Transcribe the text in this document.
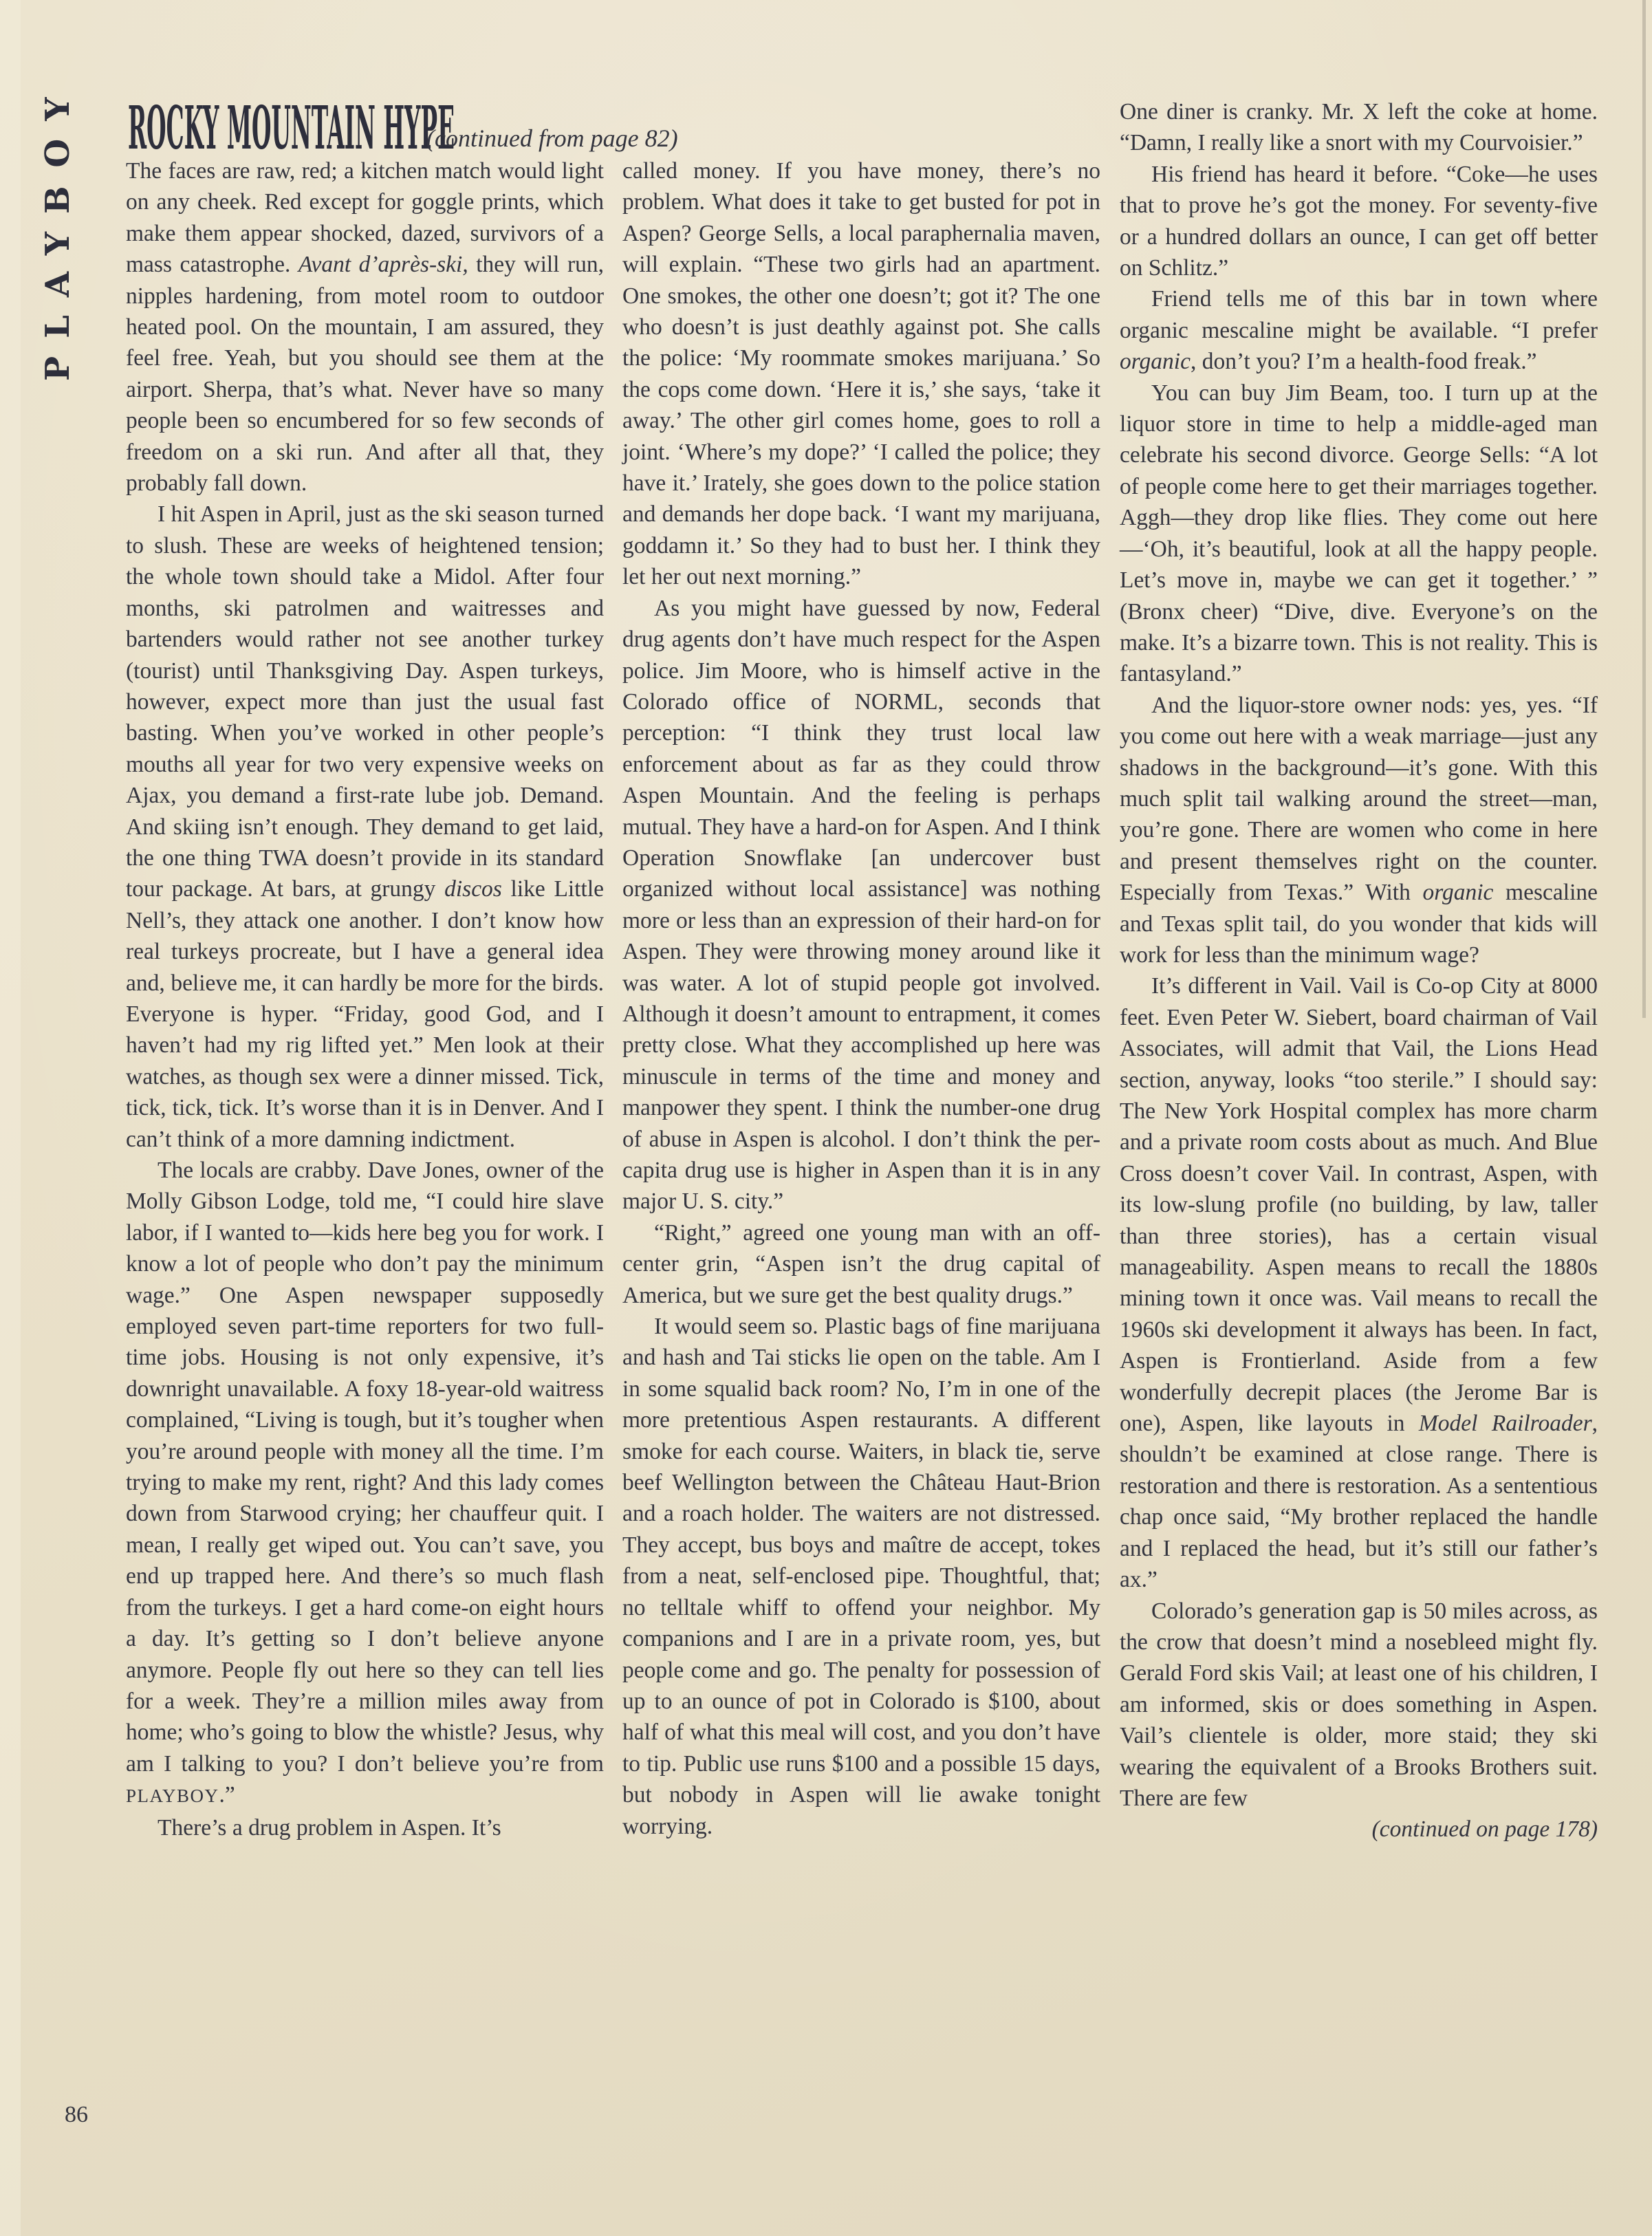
PLAYBOY ROCKY MOUNTAIN HYPE
(continued from page 82)

The faces are raw, red; a kitchen match would light on any cheek. Red except for goggle prints, which make them appear shocked, dazed, survivors of a mass catastrophe. Avant d’après-ski, they will run, nipples hardening, from motel room to outdoor heated pool. On the mountain, I am assured, they feel free. Yeah, but you should see them at the airport. Sherpa, that’s what. Never have so many people been so encumbered for so few seconds of freedom on a ski run. And after all that, they probably fall down.

I hit Aspen in April, just as the ski season turned to slush. These are weeks of heightened tension; the whole town should take a Midol. After four months, ski patrolmen and waitresses and bartenders would rather not see another turkey (tourist) until Thanksgiving Day. Aspen turkeys, however, expect more than just the usual fast basting. When you’ve worked in other people’s mouths all year for two very expensive weeks on Ajax, you demand a first-rate lube job. Demand. And skiing isn’t enough. They demand to get laid, the one thing TWA doesn’t provide in its standard tour package. At bars, at grungy discos like Little Nell’s, they attack one another. I don’t know how real turkeys procreate, but I have a general idea and, believe me, it can hardly be more for the birds. Everyone is hyper. “Friday, good God, and I haven’t had my rig lifted yet.” Men look at their watches, as though sex were a dinner missed. Tick, tick, tick, tick. It’s worse than it is in Denver. And I can’t think of a more damning indictment.

The locals are crabby. Dave Jones, owner of the Molly Gibson Lodge, told me, “I could hire slave labor, if I wanted to—kids here beg you for work. I know a lot of people who don’t pay the minimum wage.” One Aspen newspaper supposedly employed seven part-time reporters for two full-time jobs. Housing is not only expensive, it’s downright unavailable. A foxy 18-year-old waitress complained, “Living is tough, but it’s tougher when you’re around people with money all the time. I’m trying to make my rent, right? And this lady comes down from Starwood crying; her chauffeur quit. I mean, I really get wiped out. You can’t save, you end up trapped here. And there’s so much flash from the turkeys. I get a hard come-on eight hours a day. It’s getting so I don’t believe anyone anymore. People fly out here so they can tell lies for a week. They’re a million miles away from home; who’s going to blow the whistle? Jesus, why am I talking to you? I don’t believe you’re from PLAYBOY.”

There’s a drug problem in Aspen. It’s

called money. If you have money, there’s no problem. What does it take to get busted for pot in Aspen? George Sells, a local paraphernalia maven, will explain. “These two girls had an apartment. One smokes, the other one doesn’t; got it? The one who doesn’t is just deathly against pot. She calls the police: ‘My roommate smokes marijuana.’ So the cops come down. ‘Here it is,’ she says, ‘take it away.’ The other girl comes home, goes to roll a joint. ‘Where’s my dope?’ ‘I called the police; they have it.’ Irately, she goes down to the police station and demands her dope back. ‘I want my marijuana, goddamn it.’ So they had to bust her. I think they let her out next morning.”

As you might have guessed by now, Federal drug agents don’t have much respect for the Aspen police. Jim Moore, who is himself active in the Colorado office of NORML, seconds that perception: “I think they trust local law enforcement about as far as they could throw Aspen Mountain. And the feeling is perhaps mutual. They have a hard-on for Aspen. And I think Operation Snowflake [an undercover bust organized without local assistance] was nothing more or less than an expression of their hard-on for Aspen. They were throwing money around like it was water. A lot of stupid people got involved. Although it doesn’t amount to entrapment, it comes pretty close. What they accomplished up here was minuscule in terms of the time and money and manpower they spent. I think the number-one drug of abuse in Aspen is alcohol. I don’t think the per-capita drug use is higher in Aspen than it is in any major U. S. city.”

“Right,” agreed one young man with an off-center grin, “Aspen isn’t the drug capital of America, but we sure get the best quality drugs.”

It would seem so. Plastic bags of fine marijuana and hash and Tai sticks lie open on the table. Am I in some squalid back room? No, I’m in one of the more pretentious Aspen restaurants. A different smoke for each course. Waiters, in black tie, serve beef Wellington between the Château Haut-Brion and a roach holder. The waiters are not distressed. They accept, bus boys and maître de accept, tokes from a neat, self-enclosed pipe. Thoughtful, that; no telltale whiff to offend your neighbor. My companions and I are in a private room, yes, but people come and go. The penalty for possession of up to an ounce of pot in Colorado is $100, about half of what this meal will cost, and you don’t have to tip. Public use runs $100 and a possible 15 days, but nobody in Aspen will lie awake tonight worrying.

One diner is cranky. Mr. X left the coke at home. “Damn, I really like a snort with my Courvoisier.”

His friend has heard it before. “Coke—he uses that to prove he’s got the money. For seventy-five or a hundred dollars an ounce, I can get off better on Schlitz.”

Friend tells me of this bar in town where organic mescaline might be available. “I prefer organic, don’t you? I’m a health-food freak.”

You can buy Jim Beam, too. I turn up at the liquor store in time to help a middle-aged man celebrate his second divorce. George Sells: “A lot of people come here to get their marriages together. Aggh—they drop like flies. They come out here—‘Oh, it’s beautiful, look at all the happy people. Let’s move in, maybe we can get it together.’ ” (Bronx cheer) “Dive, dive. Everyone’s on the make. It’s a bizarre town. This is not reality. This is fantasyland.”

And the liquor-store owner nods: yes, yes. “If you come out here with a weak marriage—just any shadows in the background—it’s gone. With this much split tail walking around the street—man, you’re gone. There are women who come in here and present themselves right on the counter. Especially from Texas.” With organic mescaline and Texas split tail, do you wonder that kids will work for less than the minimum wage?

It’s different in Vail. Vail is Co-op City at 8000 feet. Even Peter W. Siebert, board chairman of Vail Associates, will admit that Vail, the Lions Head section, anyway, looks “too sterile.” I should say: The New York Hospital complex has more charm and a private room costs about as much. And Blue Cross doesn’t cover Vail. In contrast, Aspen, with its low-slung profile (no building, by law, taller than three stories), has a certain visual manageability. Aspen means to recall the 1880s mining town it once was. Vail means to recall the 1960s ski development it always has been. In fact, Aspen is Frontierland. Aside from a few wonderfully decrepit places (the Jerome Bar is one), Aspen, like layouts in Model Railroader, shouldn’t be examined at close range. There is restoration and there is restoration. As a sententious chap once said, “My brother replaced the handle and I replaced the head, but it’s still our father’s ax.”

Colorado’s generation gap is 50 miles across, as the crow that doesn’t mind a nosebleed might fly. Gerald Ford skis Vail; at least one of his children, I am informed, skis or does something in Aspen. Vail’s clientele is older, more staid; they ski wearing the equivalent of a Brooks Brothers suit. There are few

(continued on page 178)

86
